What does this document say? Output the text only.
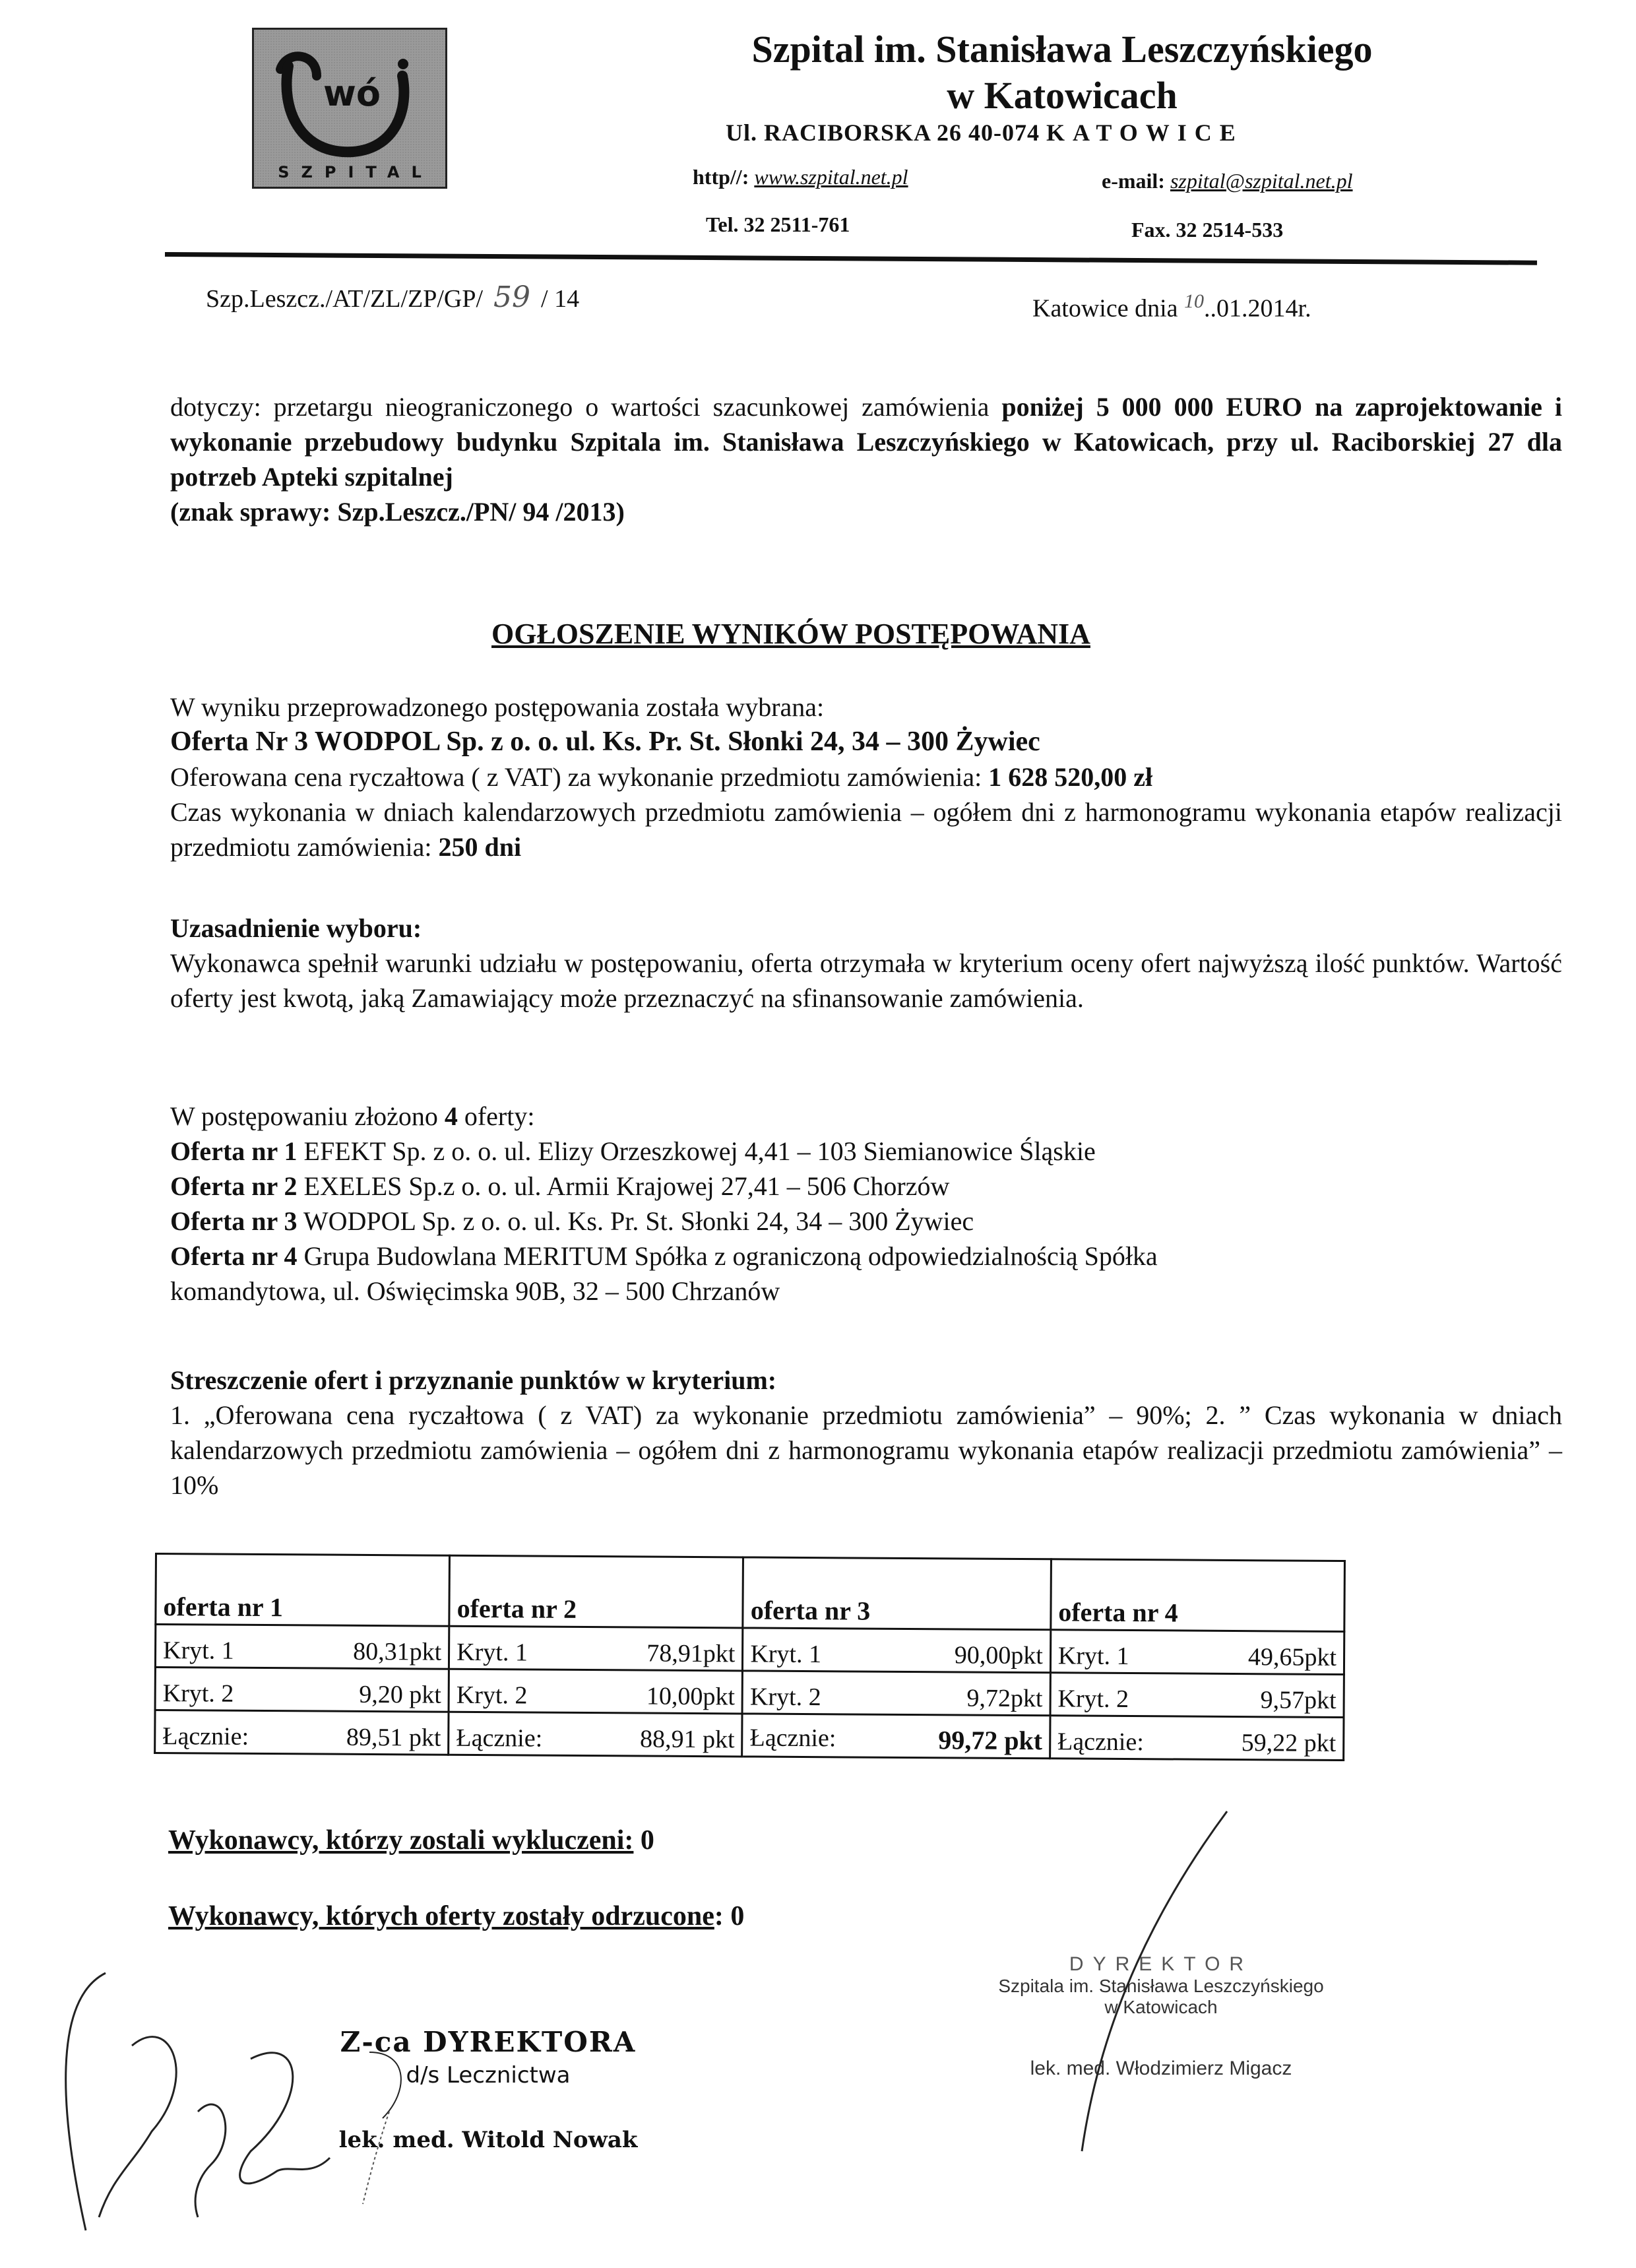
wó
SZPITAL
Szpital im. Stanisława Leszczyńskiego
w Katowicach
Ul. RACIBORSKA 26 40-074 KATOWICE
http//: www.szpital.net.pl	e-mail: szpital@szpital.net.pl
Tel. 32 2511-761	Fax. 32 2514-533
Szp.Leszcz./AT/ZL/ZP/GP/ 59 / 14	Katowice dnia $^{10}$..01.2014r.
dotyczy: przetargu nieograniczonego o wartości szacunkowej zamówienia poniżej 5 000 000 EURO na zaprojektowanie i wykonanie przebudowy budynku Szpitala im. Stanisława Leszczyńskiego w Katowicach, przy ul. Raciborskiej 27 dla potrzeb Apteki szpitalnej
(znak sprawy: Szp.Leszcz./PN/ 94 /2013)
OGŁOSZENIE WYNIKÓW POSTĘPOWANIA
W wyniku przeprowadzonego postępowania została wybrana:
Oferta Nr 3 WODPOL Sp. z o. o. ul. Ks. Pr. St. Słonki 24, 34 – 300 Żywiec
Oferowana cena ryczałtowa ( z VAT) za wykonanie przedmiotu zamówienia: 1 628 520,00 zł
Czas wykonania w dniach kalendarzowych przedmiotu zamówienia – ogółem dni z harmonogramu wykonania etapów realizacji przedmiotu zamówienia: 250 dni
Uzasadnienie wyboru:
Wykonawca spełnił warunki udziału w postępowaniu, oferta otrzymała w kryterium oceny ofert najwyższą ilość punktów. Wartość oferty jest kwotą, jaką Zamawiający może przeznaczyć na sfinansowanie zamówienia.
W postępowaniu złożono 4 oferty:
Oferta nr 1 EFEKT Sp. z o. o. ul. Elizy Orzeszkowej 4,41 – 103 Siemianowice Śląskie
Oferta nr 2 EXELES Sp.z o. o. ul. Armii Krajowej 27,41 – 506 Chorzów
Oferta nr 3 WODPOL Sp. z o. o. ul. Ks. Pr. St. Słonki 24, 34 – 300 Żywiec
Oferta nr 4 Grupa Budowlana MERITUM Spółka z ograniczoną odpowiedzialnością Spółka komandytowa, ul. Oświęcimska 90B, 32 – 500 Chrzanów
Streszczenie ofert i przyznanie punktów w kryterium:
1. „Oferowana cena ryczałtowa ( z VAT) za wykonanie przedmiotu zamówienia” – 90%; 2. ” Czas wykonania w dniach kalendarzowych przedmiotu zamówienia – ogółem dni z harmonogramu wykonania etapów realizacji przedmiotu zamówienia” – 10%
oferta nr 1	oferta nr 2	oferta nr 3	oferta nr 4

Kryt. 1 80,31pkt	Kryt. 1 78,91pkt	Kryt. 1 90,00pkt	Kryt. 1 49,65pkt

Kryt. 2 9,20 pkt	Kryt. 2 10,00pkt	Kryt. 2 9,72pkt	Kryt. 2 9,57pkt

Łącznie: 89,51 pkt	Łącznie: 88,91 pkt	Łącznie: 99,72 pkt	Łącznie: 59,22 pkt
Wykonawcy, którzy zostali wykluczeni: 0
Wykonawcy, których oferty zostały odrzucone: 0
Z-ca DYREKTORA
d/s Lecznictwa
lek. med. Witold Nowak
DYREKTOR
Szpitala im. Stanisława Leszczyńskiego
w Katowicach
lek. med. Włodzimierz Migacz
